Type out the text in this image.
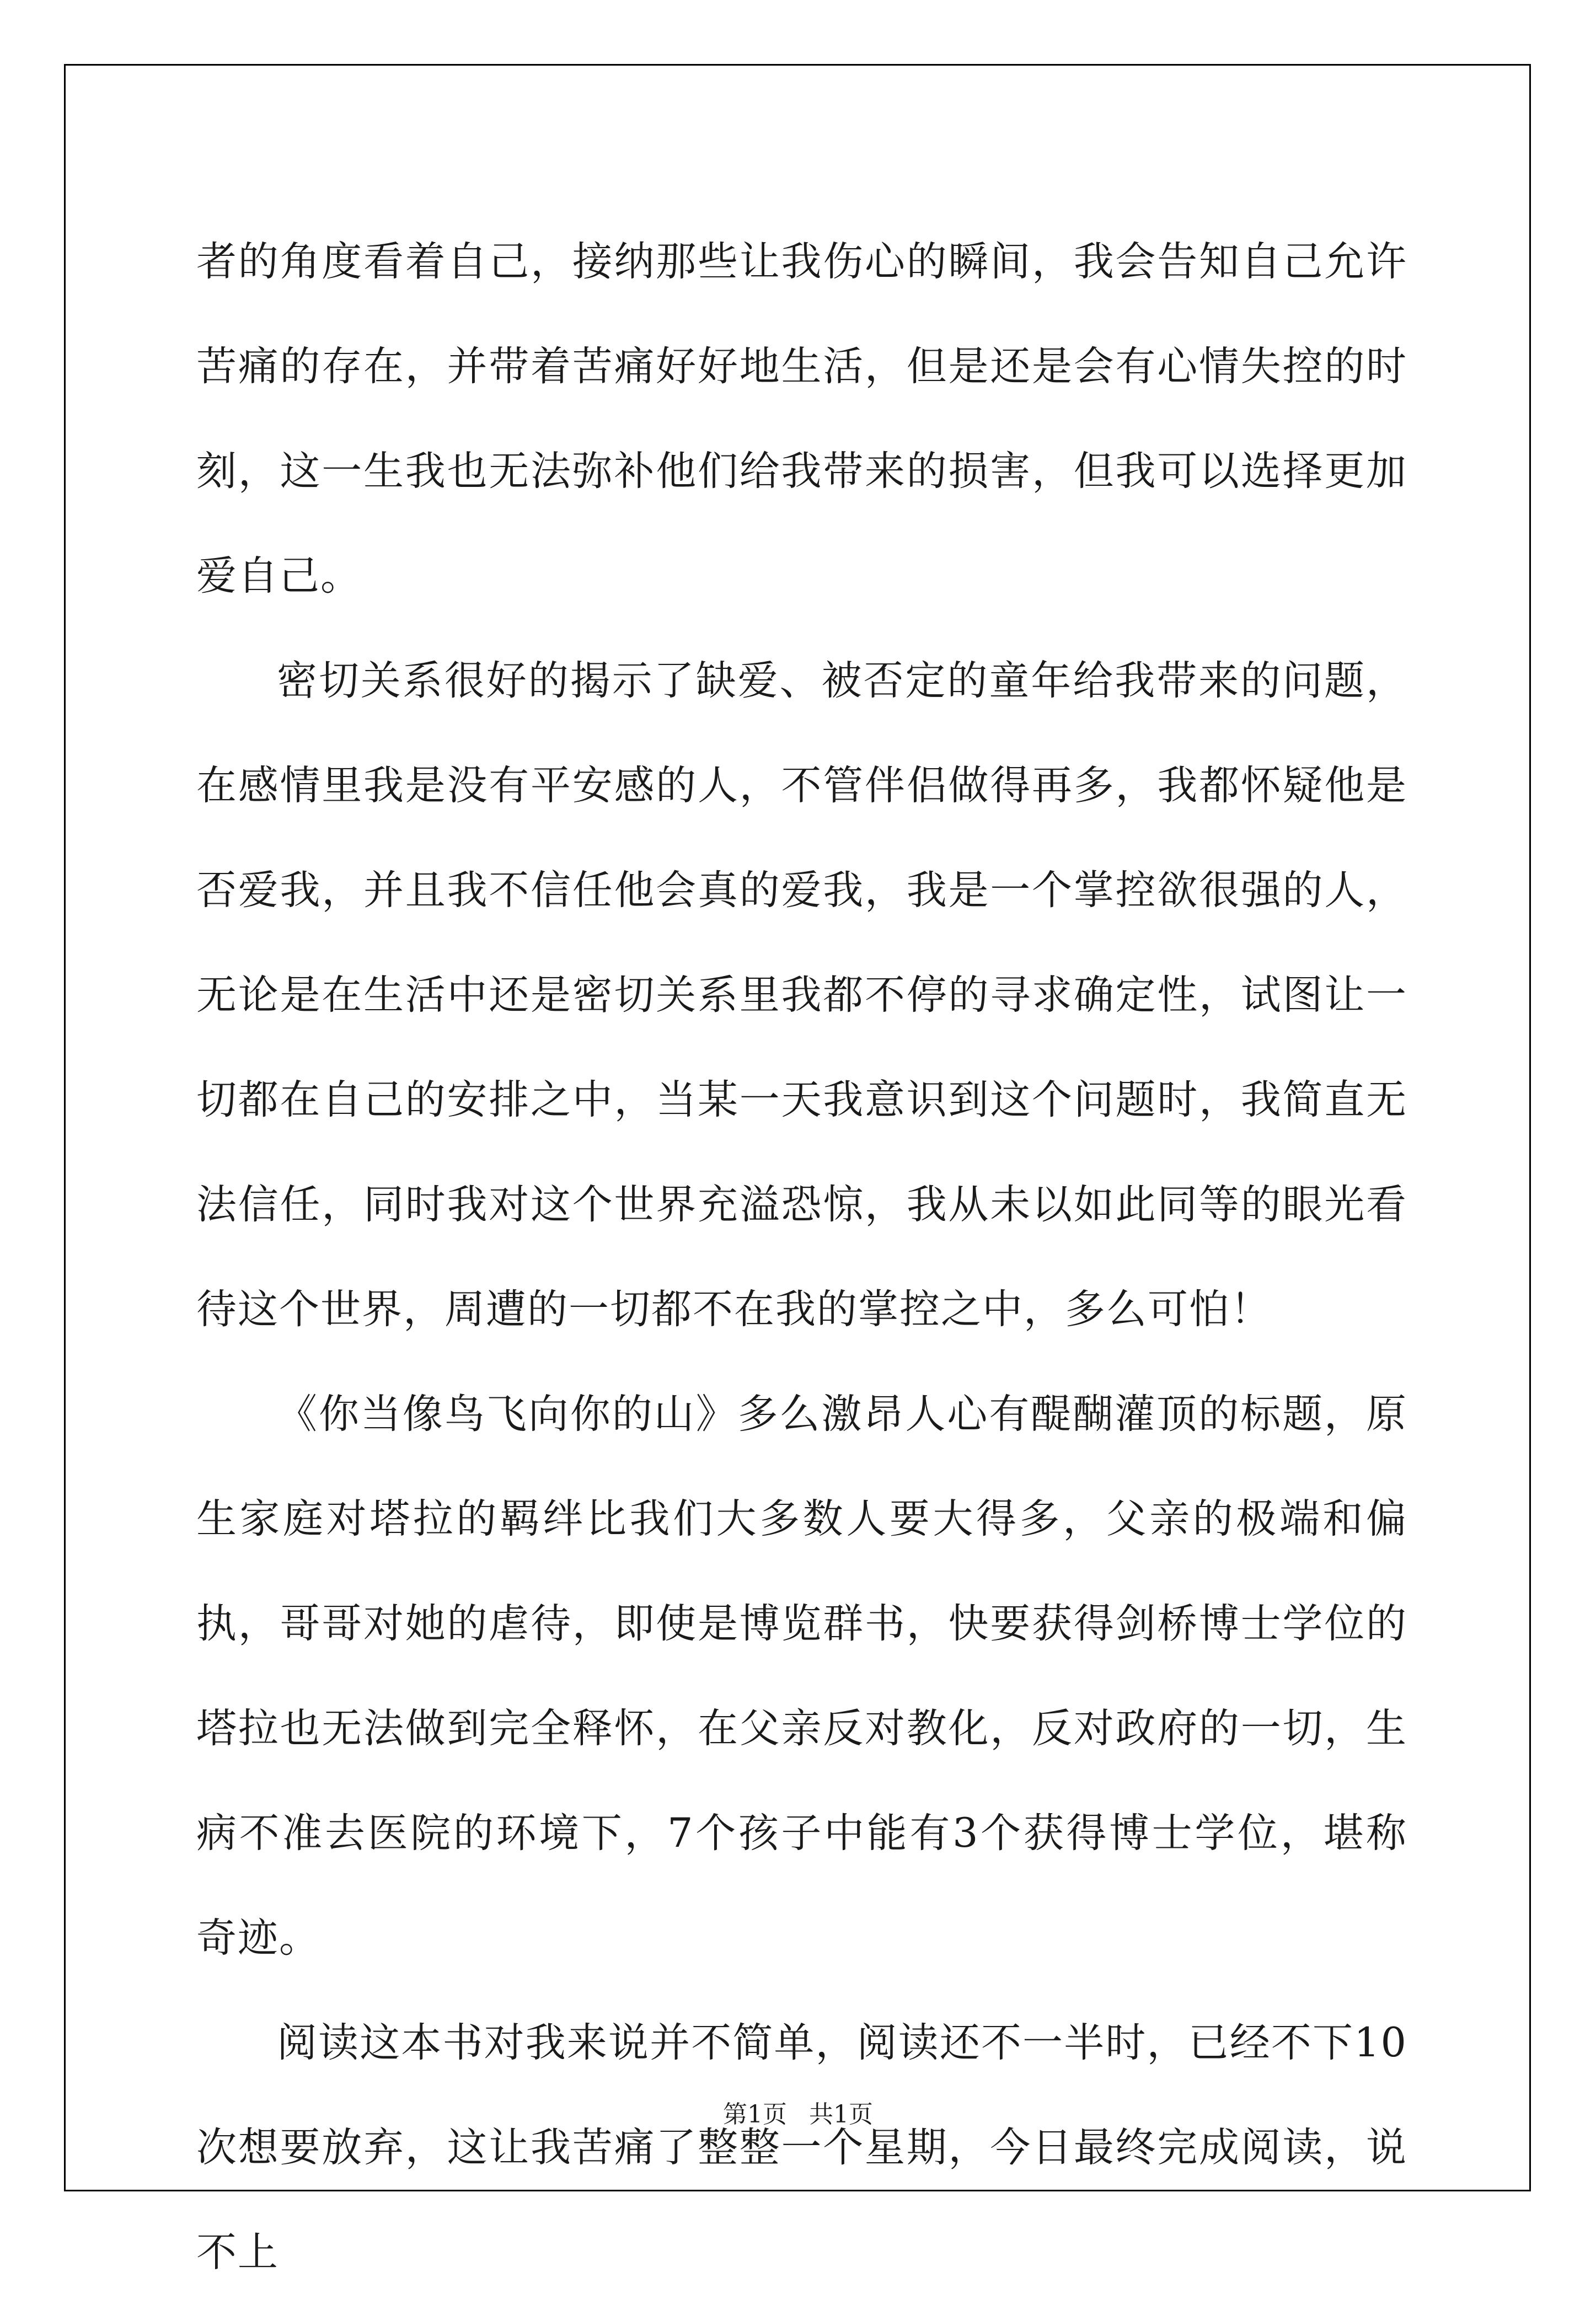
者的角度看着自己，接纳那些让我伤心的瞬间，我会告知自己允许苦痛的存在，并带着苦痛好好地生活，但是还是会有心情失控的时刻，这一生我也无法弥补他们给我带来的损害，但我可以选择更加爱自己。

密切关系很好的揭示了缺爱、被否定的童年给我带来的问题，在感情里我是没有平安感的人，不管伴侣做得再多，我都怀疑他是否爱我，并且我不信任他会真的爱我，我是一个掌控欲很强的人，无论是在生活中还是密切关系里我都不停的寻求确定性，试图让一切都在自己的安排之中，当某一天我意识到这个问题时，我简直无法信任，同时我对这个世界充溢恐惊，我从未以如此同等的眼光看待这个世界，周遭的一切都不在我的掌控之中，多么可怕！

《你当像鸟飞向你的山》多么激昂人心有醍醐灌顶的标题，原生家庭对塔拉的羁绊比我们大多数人要大得多，父亲的极端和偏执，哥哥对她的虐待，即使是博览群书，快要获得剑桥博士学位的塔拉也无法做到完全释怀，在父亲反对教化，反对政府的一切，生病不准去医院的环境下，7个孩子中能有3个获得博士学位，堪称奇迹。

阅读这本书对我来说并不简单，阅读还不一半时，已经不下10次想要放弃，这让我苦痛了整整一个星期，今日最终完成阅读，说不上

第1页 共1页
